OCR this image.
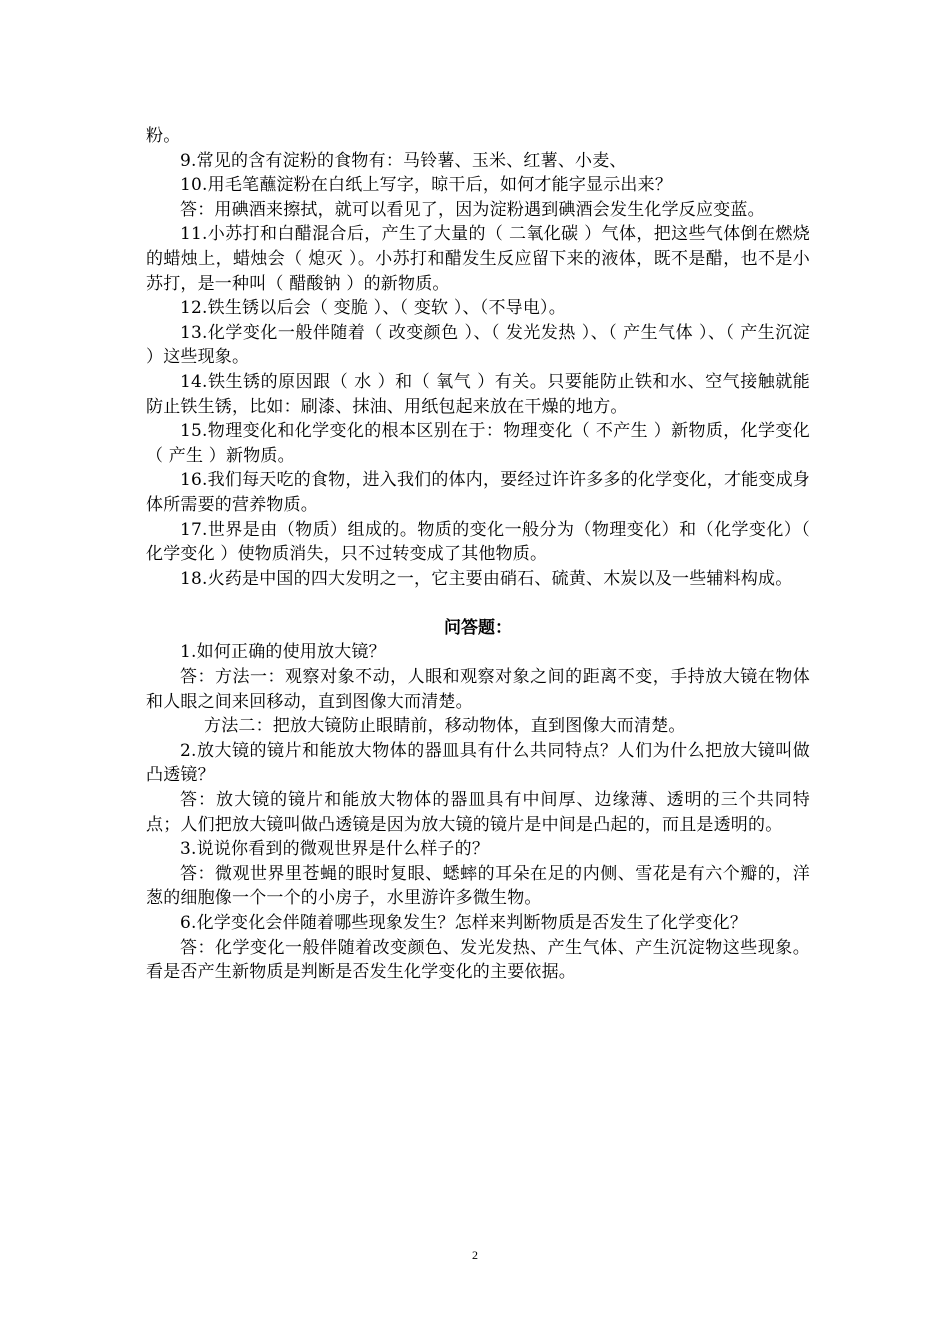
粉。

9.常见的含有淀粉的食物有：马铃薯、玉米、红薯、小麦、

10.用毛笔蘸淀粉在白纸上写字，晾干后，如何才能字显示出来？

答：用碘酒来擦拭，就可以看见了，因为淀粉遇到碘酒会发生化学反应变蓝。

11.小苏打和白醋混合后，产生了大量的（ 二氧化碳 ）气体，把这些气体倒在燃烧的蜡烛上，蜡烛会（ 熄灭 ）。小苏打和醋发生反应留下来的液体，既不是醋，也不是小苏打，是一种叫（ 醋酸钠 ）的新物质。

12.铁生锈以后会（ 变脆 ）、（ 变软 ）、（不导电）。

13.化学变化一般伴随着（ 改变颜色 ）、（ 发光发热 ）、（ 产生气体 ）、（ 产生沉淀 ）这些现象。

14.铁生锈的原因跟（ 水 ）和（ 氧气 ）有关。只要能防止铁和水、空气接触就能防止铁生锈，比如：刷漆、抹油、用纸包起来放在干燥的地方。

15.物理变化和化学变化的根本区别在于：物理变化（ 不产生 ）新物质，化学变化（ 产生 ）新物质。

16.我们每天吃的食物，进入我们的体内，要经过许许多多的化学变化，才能变成身体所需要的营养物质。

17.世界是由（物质）组成的。物质的变化一般分为（物理变化）和（化学变化）（ 化学变化 ）使物质消失，只不过转变成了其他物质。

18.火药是中国的四大发明之一，它主要由硝石、硫黄、木炭以及一些辅料构成。

问答题：

1.如何正确的使用放大镜？

答：方法一：观察对象不动，人眼和观察对象之间的距离不变，手持放大镜在物体和人眼之间来回移动，直到图像大而清楚。

方法二：把放大镜防止眼睛前，移动物体，直到图像大而清楚。

2.放大镜的镜片和能放大物体的器皿具有什么共同特点？人们为什么把放大镜叫做凸透镜？

答：放大镜的镜片和能放大物体的器皿具有中间厚、边缘薄、透明的三个共同特点；人们把放大镜叫做凸透镜是因为放大镜的镜片是中间是凸起的，而且是透明的。

3.说说你看到的微观世界是什么样子的？

答：微观世界里苍蝇的眼时复眼、蟋蟀的耳朵在足的内侧、雪花是有六个瓣的，洋葱的细胞像一个一个的小房子，水里游许多微生物。

6.化学变化会伴随着哪些现象发生？怎样来判断物质是否发生了化学变化？

答：化学变化一般伴随着改变颜色、发光发热、产生气体、产生沉淀物这些现象。看是否产生新物质是判断是否发生化学变化的主要依据。

2
